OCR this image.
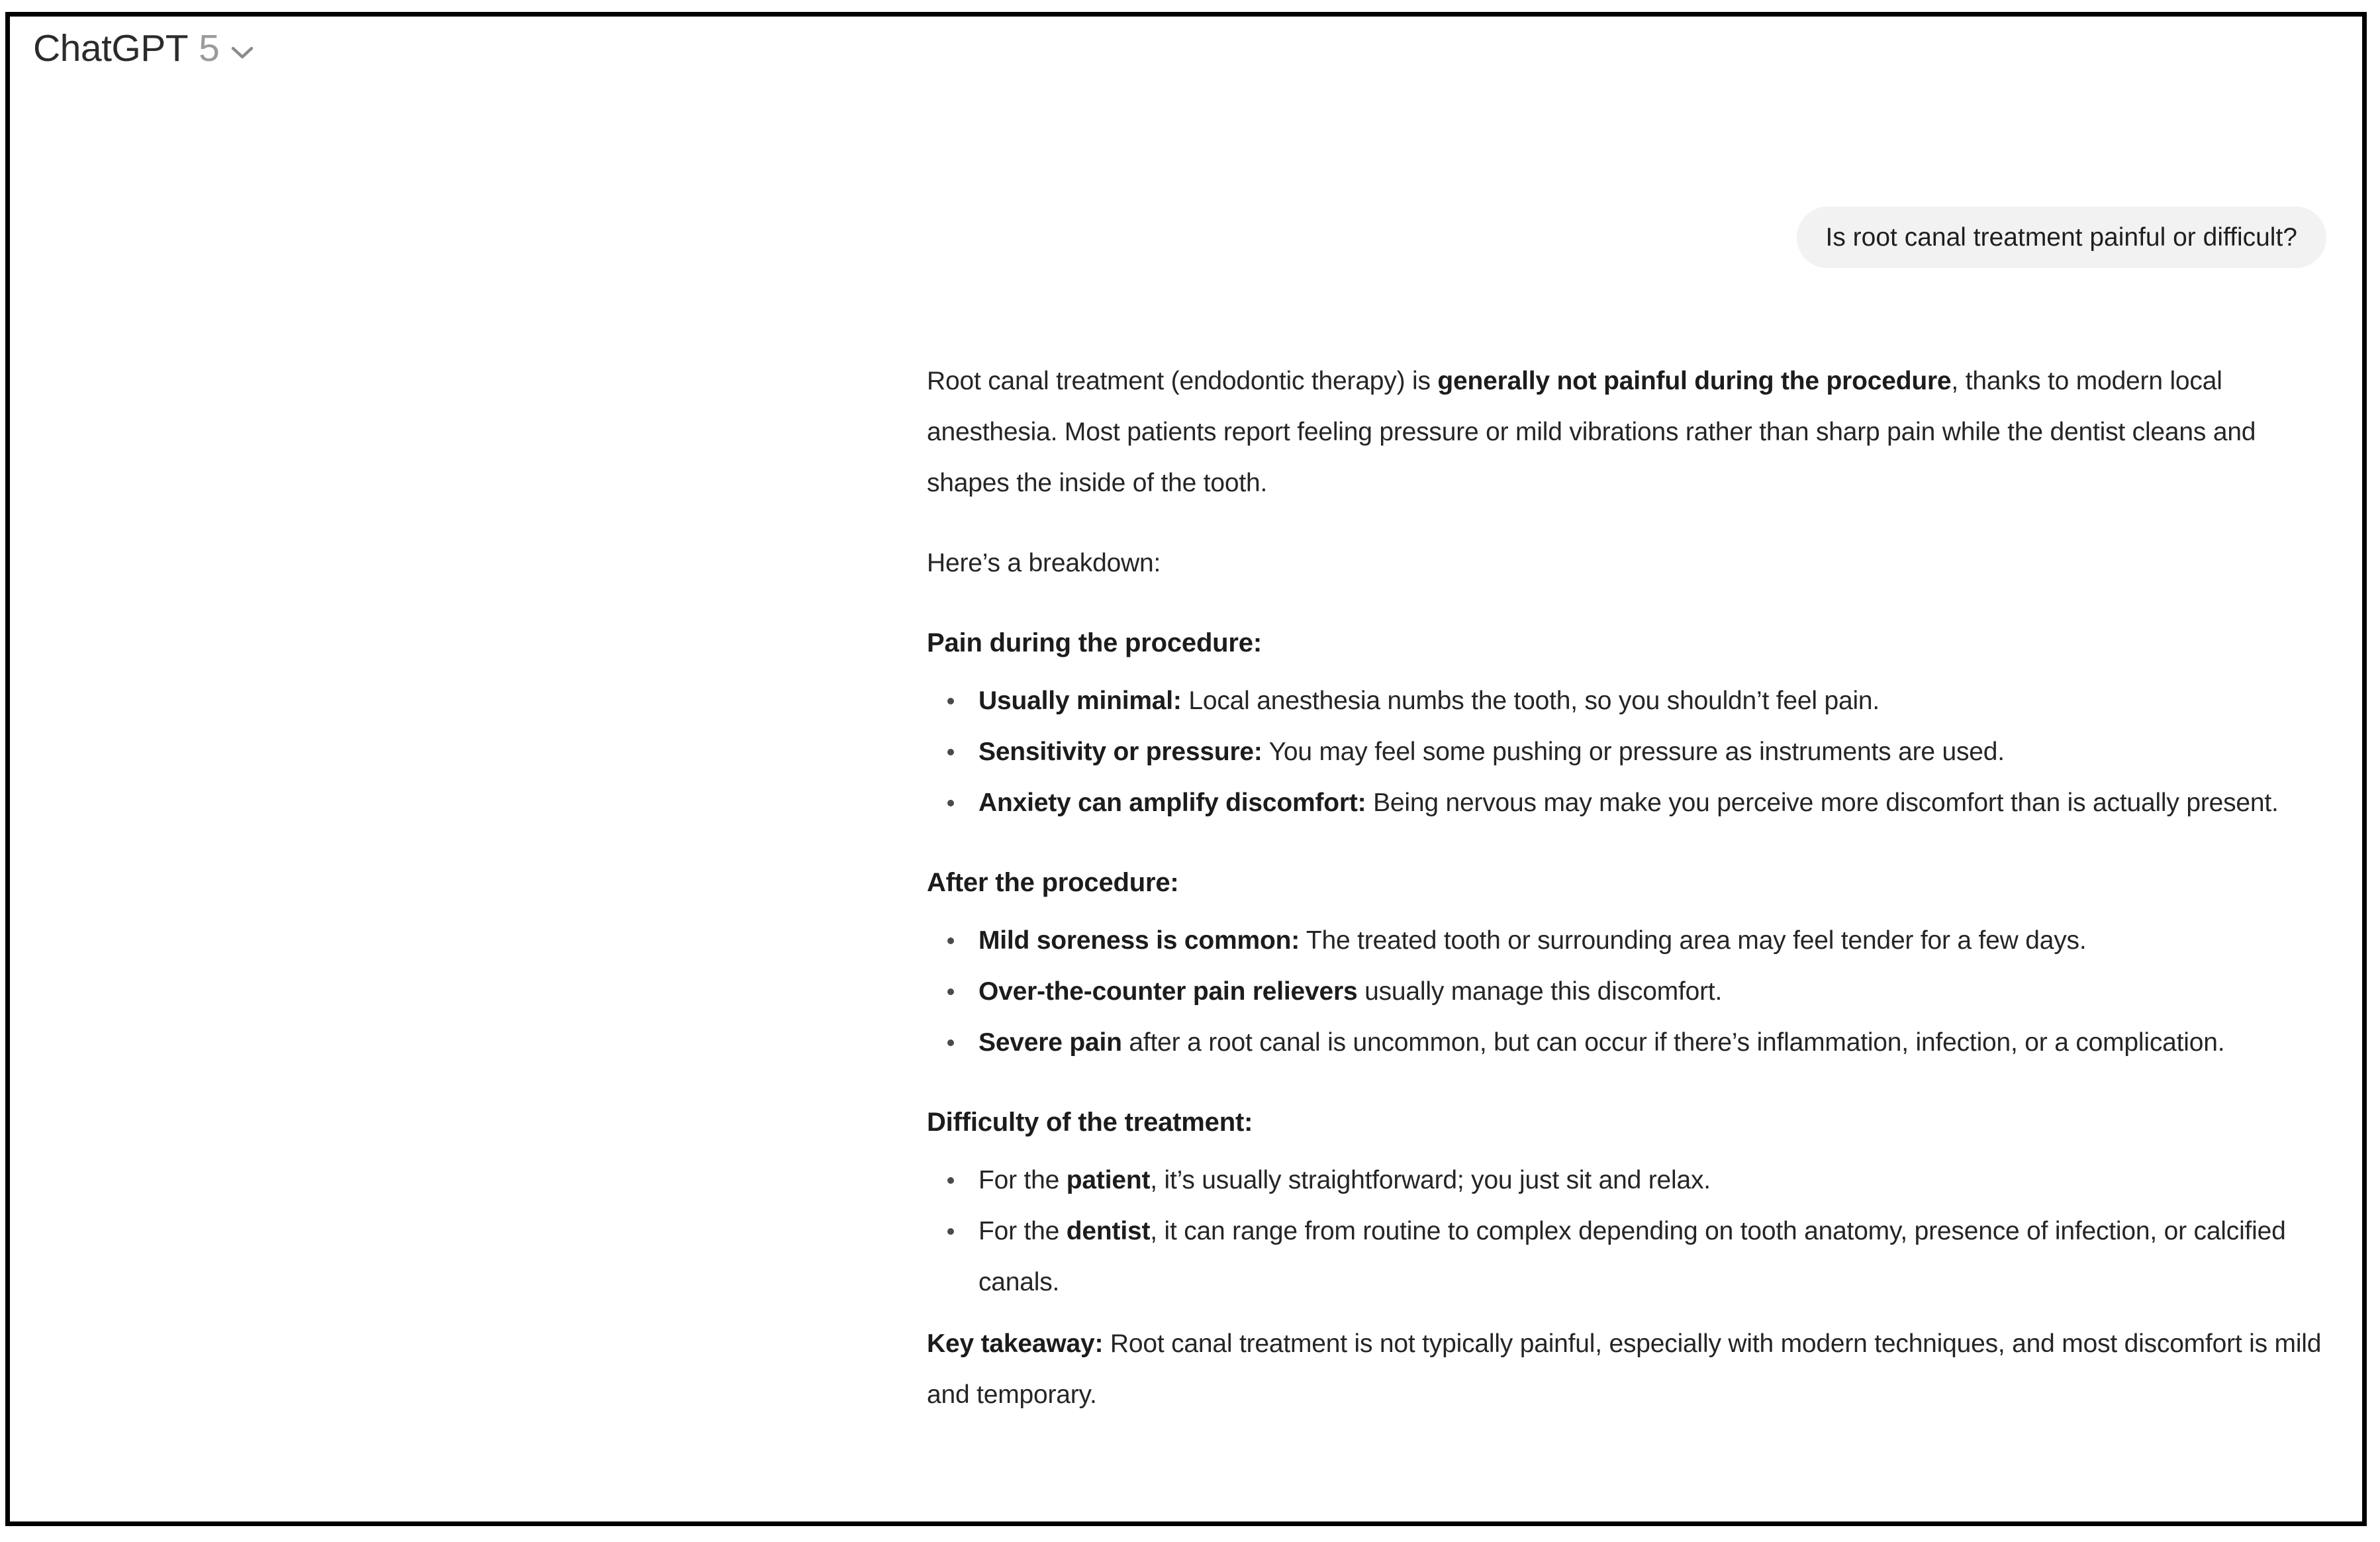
ChatGPT 5
Is root canal treatment painful or difficult?

Root canal treatment (endodontic therapy) is generally not painful during the procedure, thanks to modern local anesthesia. Most patients report feeling pressure or mild vibrations rather than sharp pain while the dentist cleans and shapes the inside of the tooth.

Here’s a breakdown:

Pain during the procedure:
Usually minimal: Local anesthesia numbs the tooth, so you shouldn’t feel pain.
Sensitivity or pressure: You may feel some pushing or pressure as instruments are used.
Anxiety can amplify discomfort: Being nervous may make you perceive more discomfort than is actually present.
After the procedure:
Mild soreness is common: The treated tooth or surrounding area may feel tender for a few days.
Over-the-counter pain relievers usually manage this discomfort.
Severe pain after a root canal is uncommon, but can occur if there’s inflammation, infection, or a complication.
Difficulty of the treatment:
For the patient, it’s usually straightforward; you just sit and relax.
For the dentist, it can range from routine to complex depending on tooth anatomy, presence of infection, or calcified canals.

Key takeaway: Root canal treatment is not typically painful, especially with modern techniques, and most discomfort is mild and temporary.
